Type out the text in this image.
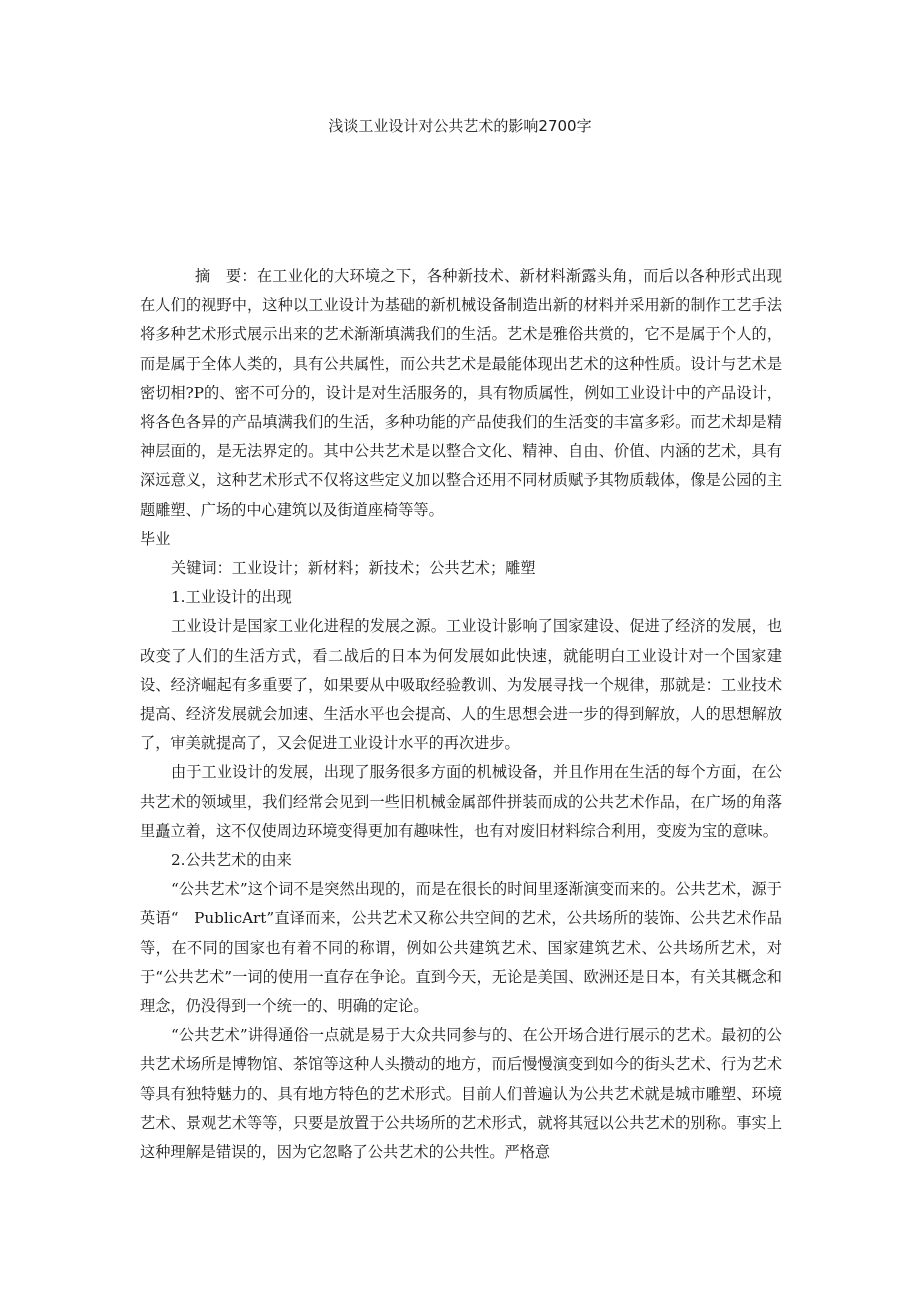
浅谈工业设计对公共艺术的影响2700字

摘　要：在工业化的大环境之下，各种新技术、新材料渐露头角，而后以各种形式出现在人们的视野中，这种以工业设计为基础的新机械设备制造出新的材料并采用新的制作工艺手法将多种艺术形式展示出来的艺术渐渐填满我们的生活。艺术是雅俗共赏的，它不是属于个人的，而是属于全体人类的，具有公共属性，而公共艺术是最能体现出艺术的这种性质。设计与艺术是密切相?P的、密不可分的，设计是对生活服务的，具有物质属性，例如工业设计中的产品设计，将各色各异的产品填满我们的生活，多种功能的产品使我们的生活变的丰富多彩。而艺术却是精神层面的，是无法界定的。其中公共艺术是以整合文化、精神、自由、价值、内涵的艺术，具有深远意义，这种艺术形式不仅将这些定义加以整合还用不同材质赋予其物质载体，像是公园的主题雕塑、广场的中心建筑以及街道座椅等等。

毕业

关键词：工业设计；新材料；新技术；公共艺术；雕塑

1.工业设计的出现

工业设计是国家工业化进程的发展之源。工业设计影响了国家建设、促进了经济的发展，也改变了人们的生活方式，看二战后的日本为何发展如此快速，就能明白工业设计对一个国家建设、经济崛起有多重要了，如果要从中吸取经验教训、为发展寻找一个规律，那就是：工业技术提高、经济发展就会加速、生活水平也会提高、人的生思想会进一步的得到解放，人的思想解放了，审美就提高了，又会促进工业设计水平的再次进步。

由于工业设计的发展，出现了服务很多方面的机械设备，并且作用在生活的每个方面，在公共艺术的领域里，我们经常会见到一些旧机械金属部件拼装而成的公共艺术作品，在广场的角落里矗立着，这不仅使周边环境变得更加有趣味性，也有对废旧材料综合利用，变废为宝的意味。

2.公共艺术的由来

“公共艺术”这个词不是突然出现的，而是在很长的时间里逐渐演变而来的。公共艺术，源于英语“　PublicArt”直译而来，公共艺术又称公共空间的艺术，公共场所的装饰、公共艺术作品等，在不同的国家也有着不同的称谓，例如公共建筑艺术、国家建筑艺术、公共场所艺术，对于“公共艺术”一词的使用一直存在争论。直到今天，无论是美国、欧洲还是日本，有关其概念和理念，仍没得到一个统一的、明确的定论。

“公共艺术”讲得通俗一点就是易于大众共同参与的、在公开场合进行展示的艺术。最初的公共艺术场所是博物馆、茶馆等这种人头攒动的地方，而后慢慢演变到如今的街头艺术、行为艺术等具有独特魅力的、具有地方特色的艺术形式。目前人们普遍认为公共艺术就是城市雕塑、环境艺术、景观艺术等等，只要是放置于公共场所的艺术形式，就将其冠以公共艺术的别称。事实上这种理解是错误的，因为它忽略了公共艺术的公共性。严格意
